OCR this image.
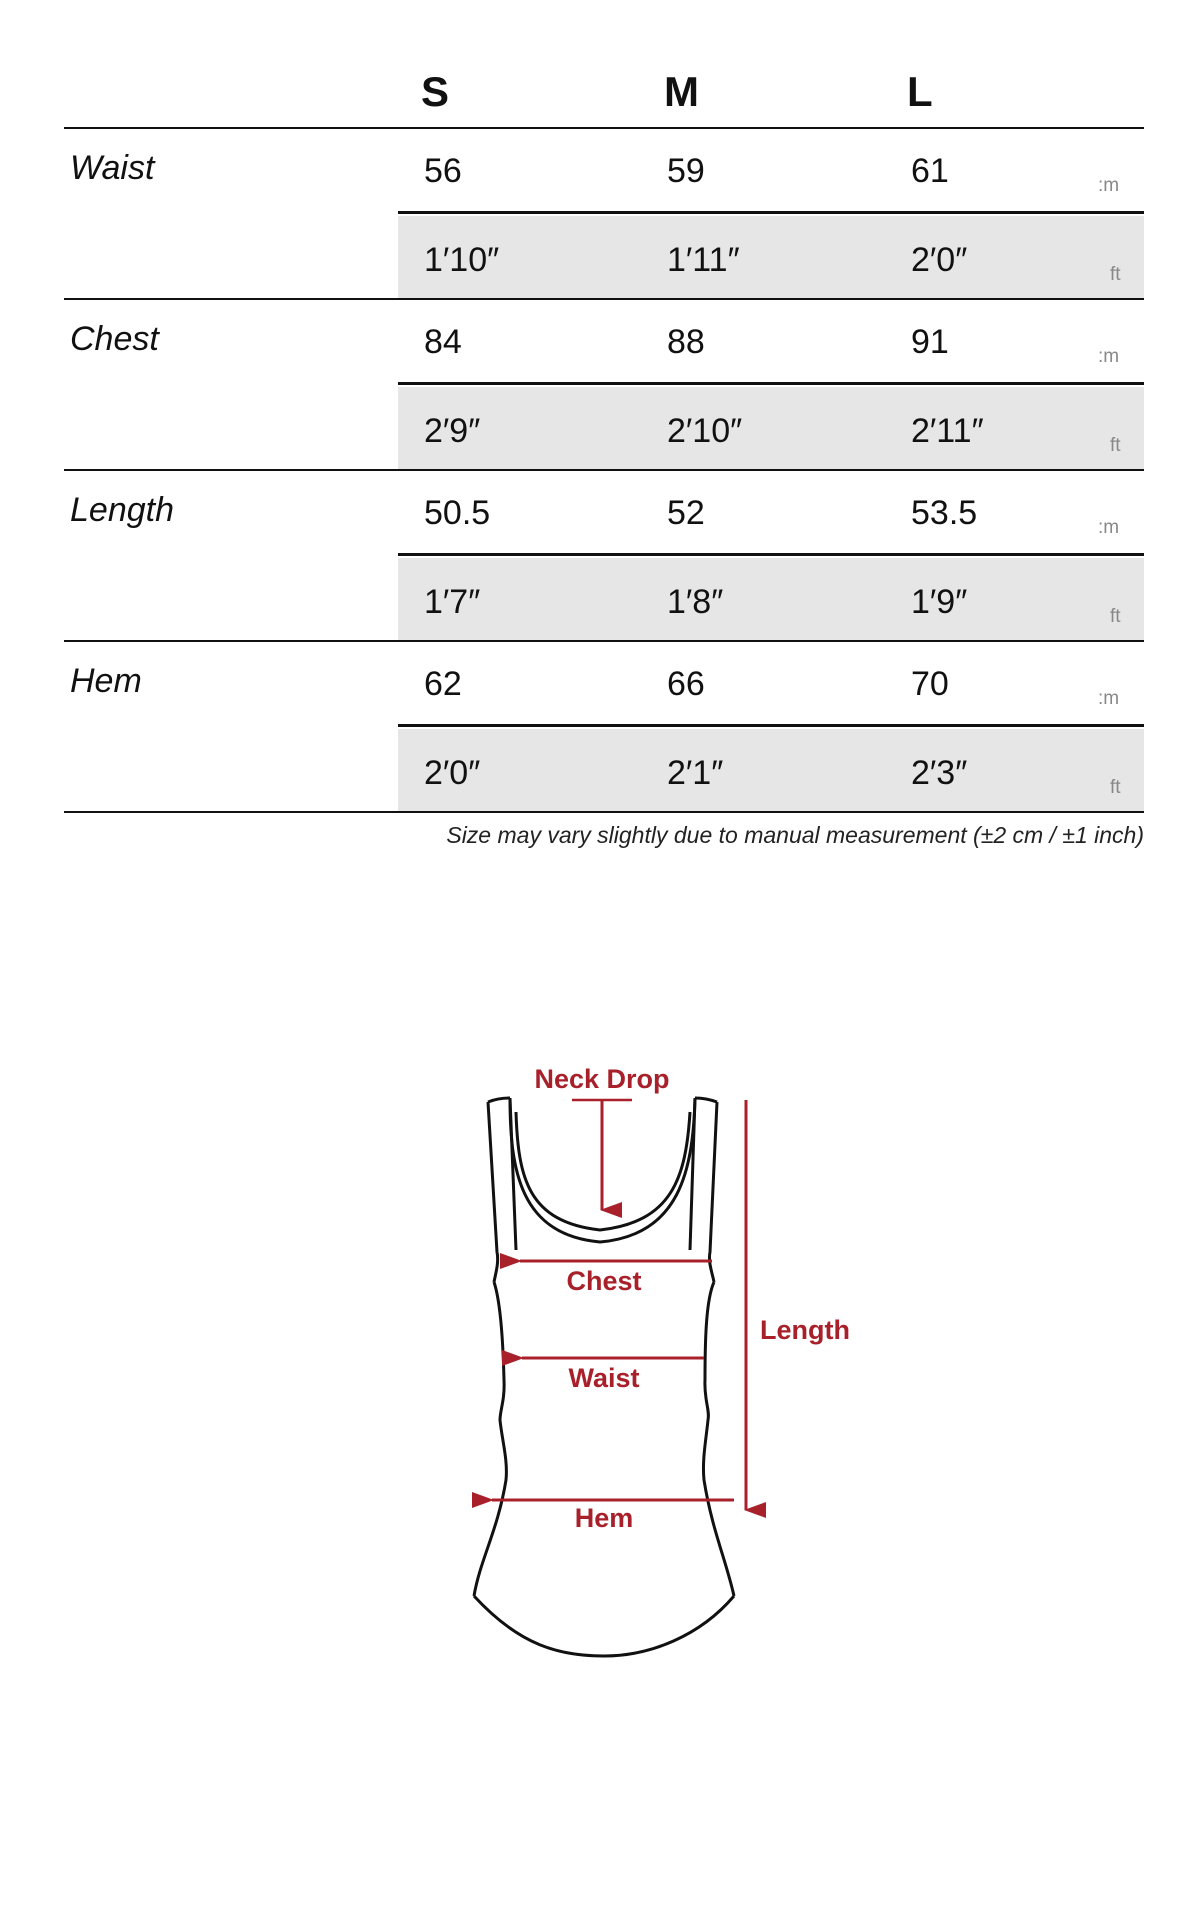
S	M	L
Waist	56	59	61	:m
1′10″	1′11″	2′0″	ft
Chest	84	88	91	:m
2′9″	2′10″	2′11″	ft
Length	50.5	52	53.5	:m
1′7″	1′8″	1′9″	ft
Hem	62	66	70	:m
2′0″	2′1″	2′3″	ft
Size may vary slightly due to manual measurement (±2 cm / ±1 inch)
Neck Drop
Chest
Waist
Hem
Length
